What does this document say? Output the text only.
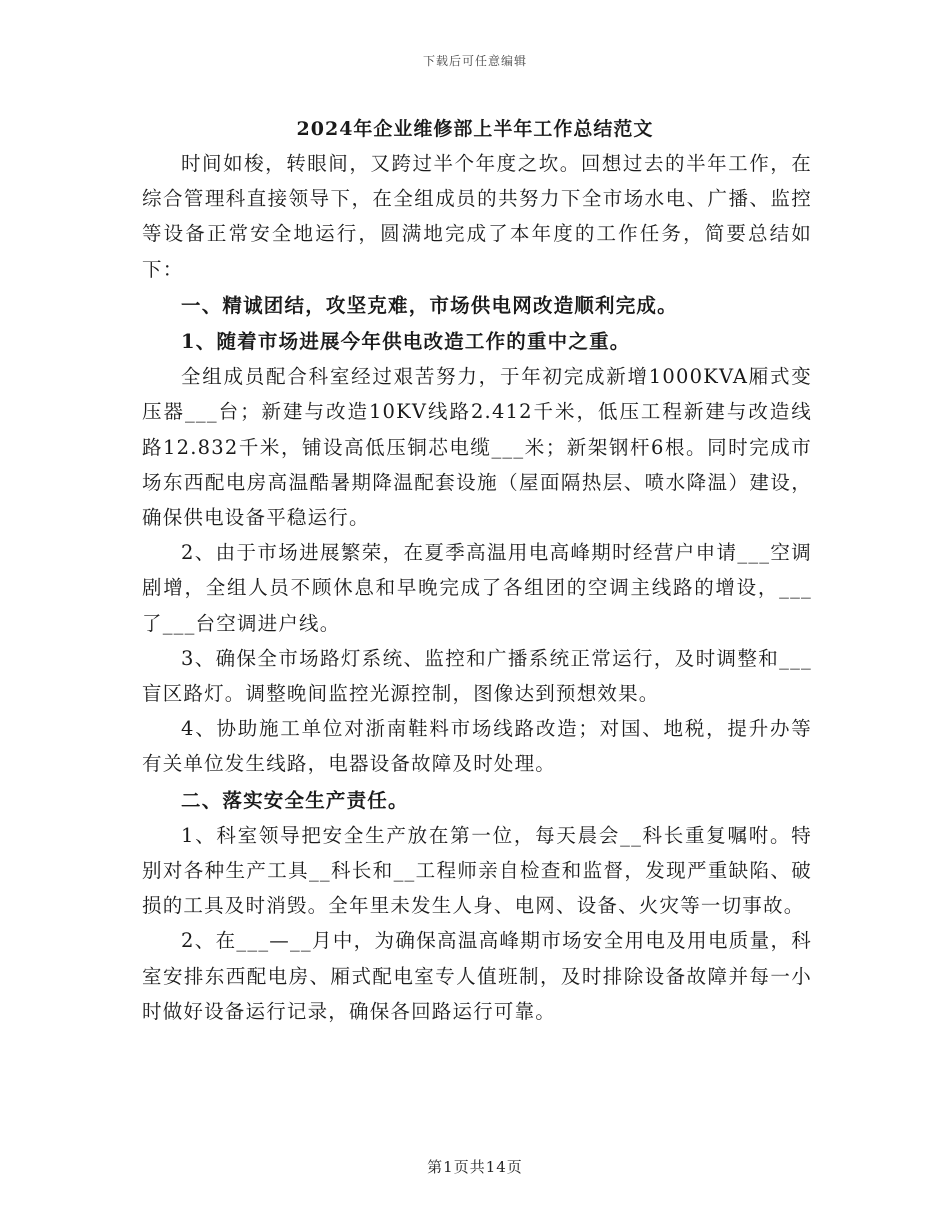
下载后可任意编辑
2024年企业维修部上半年工作总结范文

时间如梭，转眼间，又跨过半个年度之坎。回想过去的半年工作，在综合管理科直接领导下，在全组成员的共努力下全市场水电、广播、监控等设备正常安全地运行，圆满地完成了本年度的工作任务，简要总结如下：

一、精诚团结，攻坚克难，市场供电网改造顺利完成。

1、随着市场进展今年供电改造工作的重中之重。

全组成员配合科室经过艰苦努力，于年初完成新增1000KVA厢式变压器___台；新建与改造10KV线路2.412千米，低压工程新建与改造线路12.832千米，铺设高低压铜芯电缆___米；新架钢杆6根。同时完成市场东西配电房高温酷暑期降温配套设施（屋面隔热层、喷水降温）建设，确保供电设备平稳运行。

2、由于市场进展繁荣，在夏季高温用电高峰期时经营户申请___空调剧增，全组人员不顾休息和早晚完成了各组团的空调主线路的增设，___了___台空调进户线。

3、确保全市场路灯系统、监控和广播系统正常运行，及时调整和___盲区路灯。调整晚间监控光源控制，图像达到预想效果。

4、协助施工单位对浙南鞋料市场线路改造；对国、地税，提升办等有关单位发生线路，电器设备故障及时处理。

二、落实安全生产责任。

1、科室领导把安全生产放在第一位，每天晨会__科长重复嘱咐。特别对各种生产工具__科长和__工程师亲自检查和监督，发现严重缺陷、破损的工具及时消毁。全年里未发生人身、电网、设备、火灾等一切事故。

2、在___—__月中，为确保高温高峰期市场安全用电及用电质量，科室安排东西配电房、厢式配电室专人值班制，及时排除设备故障并每一小时做好设备运行记录，确保各回路运行可靠。

第1页共14页
